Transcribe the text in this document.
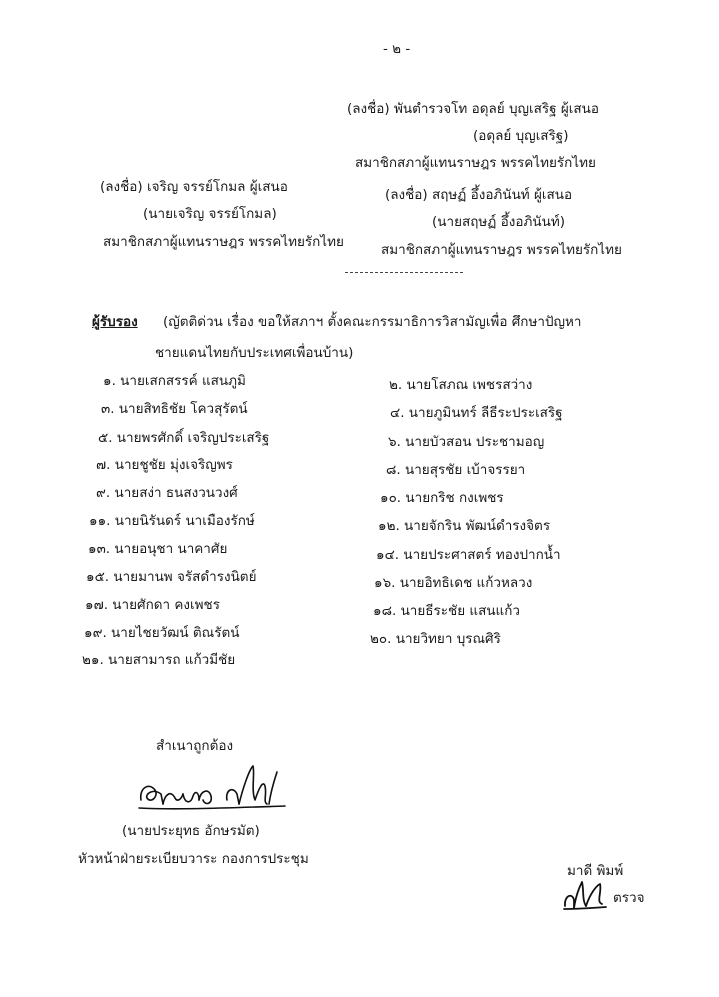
- ๒ -
(ลงชื่อ) พันตำรวจโท อดุลย์ บุญเสริฐ ผู้เสนอ
(อดุลย์ บุญเสริฐ)
สมาชิกสภาผู้แทนราษฎร พรรคไทยรักไทย
(ลงชื่อ) เจริญ จรรย์โกมล ผู้เสนอ
(นายเจริญ จรรย์โกมล)
สมาชิกสภาผู้แทนราษฎร พรรคไทยรักไทย
(ลงชื่อ) สฤษฏ์ อึ้งอภินันท์ ผู้เสนอ
(นายสฤษฏ์ อึ้งอภินันท์)
สมาชิกสภาผู้แทนราษฎร พรรคไทยรักไทย
ผู้รับรอง (ญัตติด่วน เรื่อง ขอให้สภาฯ ตั้งคณะกรรมาธิการวิสามัญเพื่อ ศึกษาปัญหา
ชายแดนไทยกับประเทศเพื่อนบ้าน)
๑. นายเสกสรรค์ แสนภูมิ
๓. นายสิทธิชัย โควสุรัตน์
๕. นายพรศักดิ์ เจริญประเสริฐ
๗. นายชูชัย มุ่งเจริญพร
๙. นายสง่า ธนสงวนวงศ์
๑๑. นายนิรันดร์ นาเมืองรักษ์
๑๓. นายอนุชา นาคาศัย
๑๕. นายมานพ จรัสดำรงนิตย์
๑๗. นายศักดา คงเพชร
๑๙. นายไชยวัฒน์ ติณรัตน์
๒๑. นายสามารถ แก้วมีชัย
๒. นายโสภณ เพชรสว่าง
๔. นายภูมินทร์ ลีธีระประเสริฐ
๖. นายบัวสอน ประชามอญ
๘. นายสุรชัย เบ้าจรรยา
๑๐. นายกริช กงเพชร
๑๒. นายจักริน พัฒน์ดำรงจิตร
๑๔. นายประศาสตร์ ทองปากน้ำ
๑๖. นายอิทธิเดช แก้วหลวง
๑๘. นายธีระชัย แสนแก้ว
๒๐. นายวิทยา บุรณศิริ
สำเนาถูกต้อง
(นายประยุทธ อักษรมัต)
หัวหน้าฝ่ายระเบียบวาระ กองการประชุม
มาดี พิมพ์
ตรวจ
